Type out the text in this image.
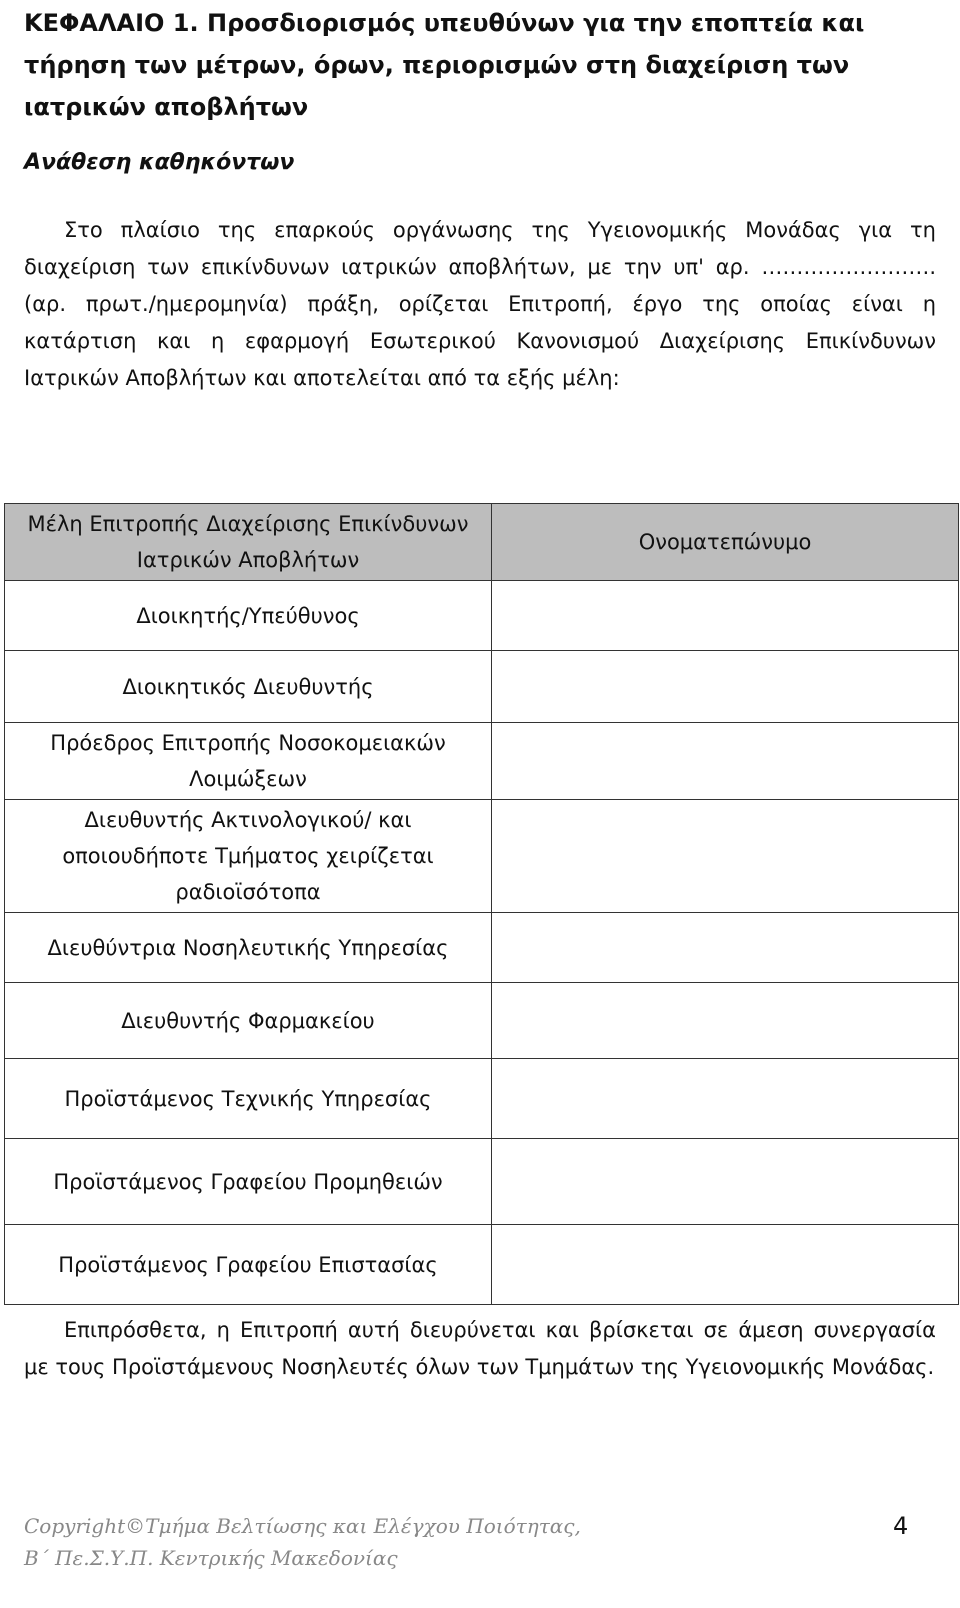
ΚΕΦΑΛΑΙΟ 1. Προσδιορισμός υπευθύνων για την εποπτεία και τήρηση των μέτρων, όρων, περιορισμών στη διαχείριση των ιατρικών αποβλήτων
Ανάθεση καθηκόντων

Στο πλαίσιο της επαρκούς οργάνωσης της Υγειονομικής Μονάδας για τη διαχείριση των επικίνδυνων ιατρικών αποβλήτων, με την υπ' αρ. ……………………. (αρ. πρωτ./ημερομηνία) πράξη, ορίζεται Επιτροπή, έργο της οποίας είναι η κατάρτιση και η εφαρμογή Εσωτερικού Κανονισμού Διαχείρισης Επικίνδυνων Ιατρικών Αποβλήτων και αποτελείται από τα εξής μέλη:

Μέλη Επιτροπής Διαχείρισης Επικίνδυνων Ιατρικών Αποβλήτων	Ονοματεπώνυμο
Διοικητής/Υπεύθυνος	
Διοικητικός Διευθυντής	
Πρόεδρος Επιτροπής Νοσοκομειακών Λοιμώξεων	
Διευθυντής Ακτινολογικού/ και οποιουδήποτε Τμήματος χειρίζεται ραδιοϊσότοπα	
Διευθύντρια Νοσηλευτικής Υπηρεσίας	
Διευθυντής Φαρμακείου	
Προϊστάμενος Τεχνικής Υπηρεσίας	
Προϊστάμενος Γραφείου Προμηθειών	
Προϊστάμενος Γραφείου Επιστασίας	

Επιπρόσθετα, η Επιτροπή αυτή διευρύνεται και βρίσκεται σε άμεση συνεργασία με τους Προϊστάμενους Νοσηλευτές όλων των Τμημάτων της Υγειονομικής Μονάδας.

Copyright©Τμήμα Βελτίωσης και Ελέγχου Ποιότητας,
Β΄ Πε.Σ.Υ.Π. Κεντρικής Μακεδονίας
4
